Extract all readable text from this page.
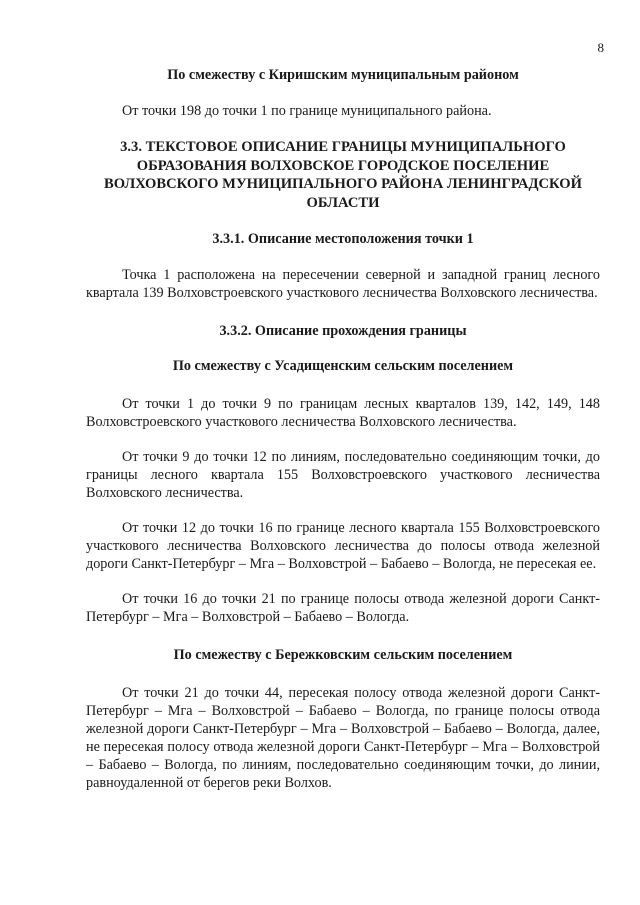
8

По смежеству с Киришским муниципальным районом

От точки 198 до точки 1 по границе муниципального района.

3.3. ТЕКСТОВОЕ ОПИСАНИЕ ГРАНИЦЫ МУНИЦИПАЛЬНОГО ОБРАЗОВАНИЯ ВОЛХОВСКОЕ ГОРОДСКОЕ ПОСЕЛЕНИЕ ВОЛХОВСКОГО МУНИЦИПАЛЬНОГО РАЙОНА ЛЕНИНГРАДСКОЙ ОБЛАСТИ

3.3.1. Описание местоположения точки 1

Точка 1 расположена на пересечении северной и западной границ лесного квартала 139 Волховстроевского участкового лесничества Волховского лесничества.

3.3.2. Описание прохождения границы

По смежеству с Усадищенским сельским поселением

От точки 1 до точки 9 по границам лесных кварталов 139, 142, 149, 148 Волховстроевского участкового лесничества Волховского лесничества.

От точки 9 до точки 12 по линиям, последовательно соединяющим точки, до границы лесного квартала 155 Волховстроевского участкового лесничества Волховского лесничества.

От точки 12 до точки 16 по границе лесного квартала 155 Волховстроевского участкового лесничества Волховского лесничества до полосы отвода железной дороги Санкт-Петербург – Мга – Волховстрой – Бабаево – Вологда, не пересекая ее.

От точки 16 до точки 21 по границе полосы отвода железной дороги Санкт-Петербург – Мга – Волховстрой – Бабаево – Вологда.

По смежеству с Бережковским сельским поселением

От точки 21 до точки 44, пересекая полосу отвода железной дороги Санкт-Петербург – Мга – Волховстрой – Бабаево – Вологда, по границе полосы отвода железной дороги Санкт-Петербург – Мга – Волховстрой – Бабаево – Вологда, далее, не пересекая полосу отвода железной дороги Санкт-Петербург – Мга – Волховстрой – Бабаево – Вологда, по линиям, последовательно соединяющим точки, до линии, равноудаленной от берегов реки Волхов.
